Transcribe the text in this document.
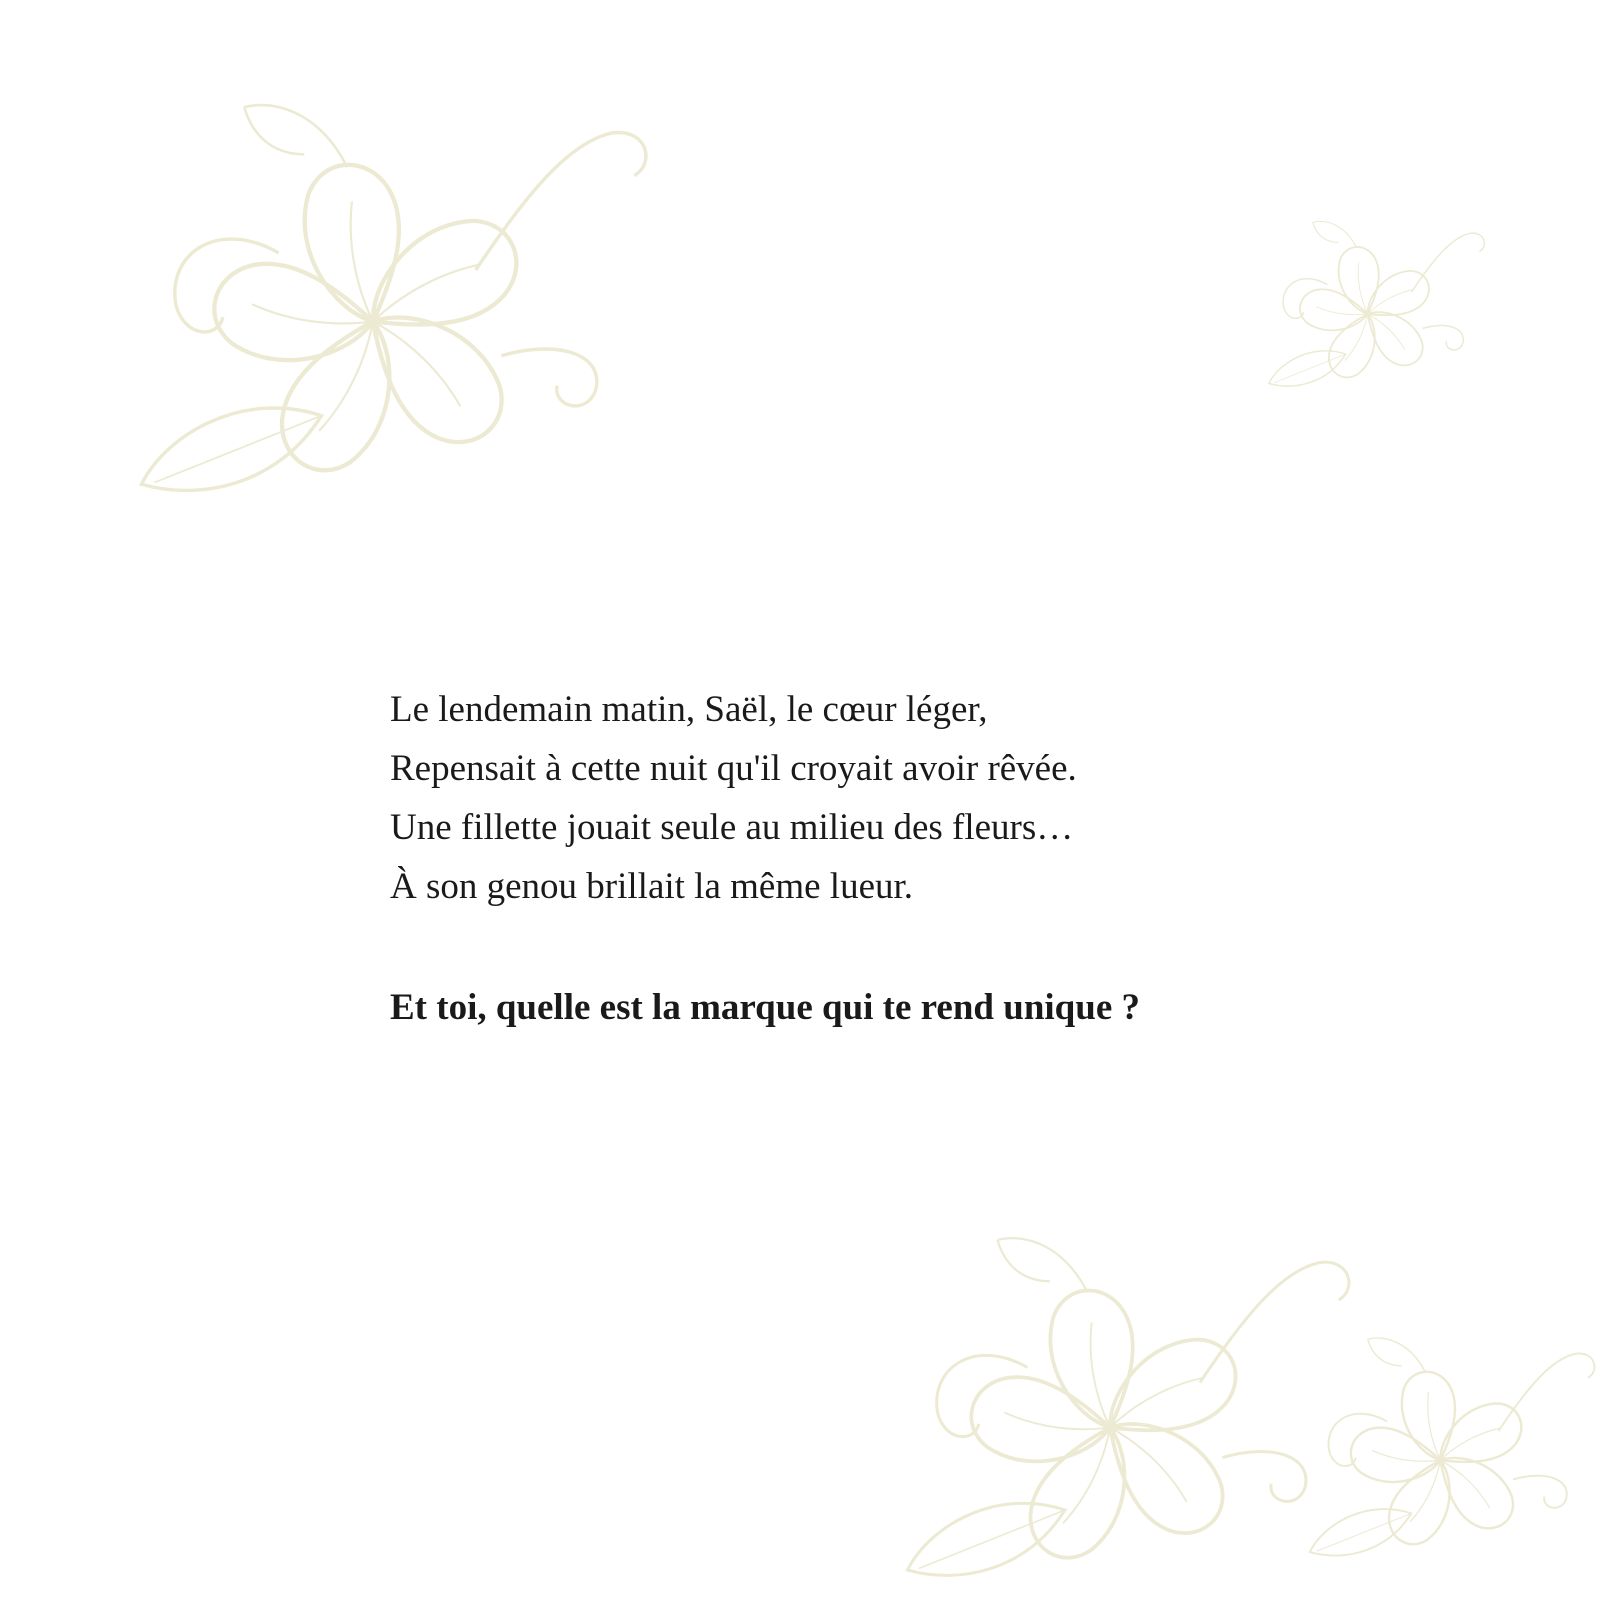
Le lendemain matin, Saël, le cœur léger,
Repensait à cette nuit qu'il croyait avoir rêvée.
Une fillette jouait seule au milieu des fleurs…
À son genou brillait la même lueur.
Et toi, quelle est la marque qui te rend unique ?
